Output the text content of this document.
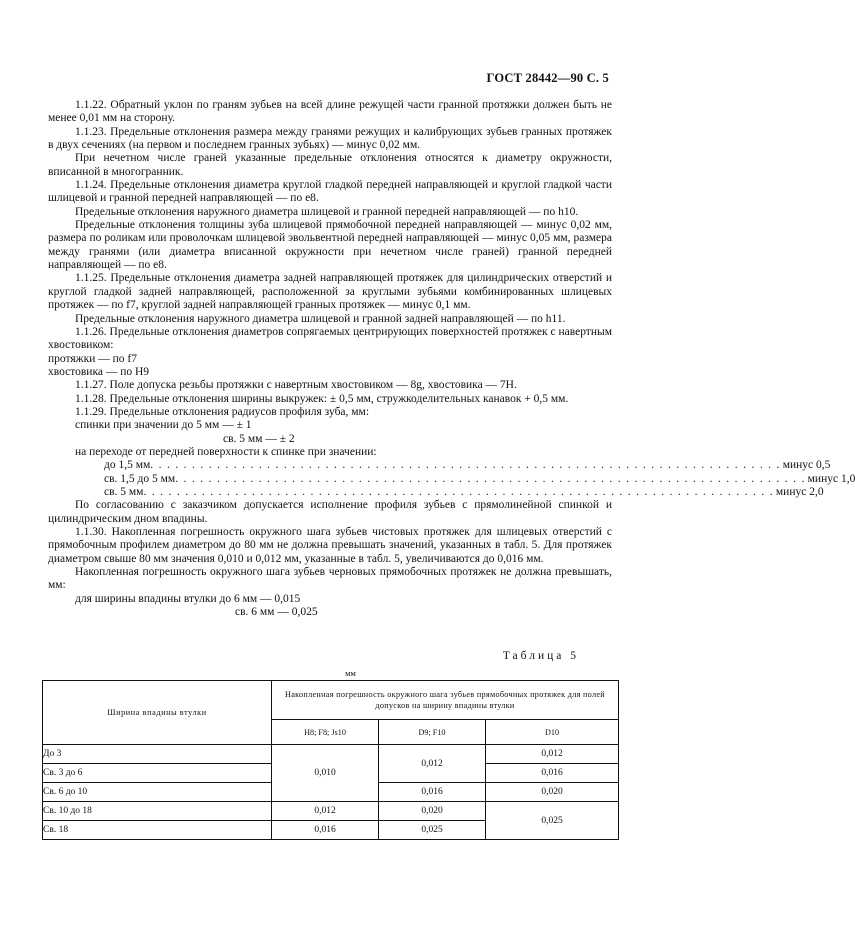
ГОСТ 28442—90 С. 5

1.1.22. Обратный уклон по граням зубьев на всей длине режущей части гранной протяжки должен быть не менее 0,01 мм на сторону.

1.1.23. Предельные отклонения размера между гранями режущих и калибрующих зубьев гранных протяжек в двух сечениях (на первом и последнем гранных зубьях) — минус 0,02 мм.

При нечетном числе граней указанные предельные отклонения относятся к диаметру окружности, вписанной в многогранник.

1.1.24. Предельные отклонения диаметра круглой гладкой передней направляющей и круглой гладкой части шлицевой и гранной передней направляющей — по е8.

Предельные отклонения наружного диаметра шлицевой и гранной передней направляющей — по h10.

Предельные отклонения толщины зуба шлицевой прямобочной передней направляющей — минус 0,02 мм, размера по роликам или проволочкам шлицевой эвольвентной передней направляющей — минус 0,05 мм, размера между гранями (или диаметра вписанной окружности при нечетном числе граней) гранной передней направляющей — по е8.

1.1.25. Предельные отклонения диаметра задней направляющей протяжек для цилиндрических отверстий и круглой гладкой задней направляющей, расположенной за круглыми зубьями комбинированных шлицевых протяжек — по f7, круглой задней направляющей гранных протяжек — минус 0,1 мм.

Предельные отклонения наружного диаметра шлицевой и гранной задней направляющей — по h11.

1.1.26. Предельные отклонения диаметров сопрягаемых центрирующих поверхностей протяжек с навертным хвостовиком:

протяжки — по f7

хвостовика — по Н9

1.1.27. Поле допуска резьбы протяжки с навертным хвостовиком — 8g, хвостовика — 7Н.

1.1.28. Предельные отклонения ширины выкружек: ± 0,5 мм, стружкоделительных канавок + 0,5 мм.

1.1.29. Предельные отклонения радиусов профиля зуба, мм:

спинки при значении до 5 мм — ± 1

св. 5 мм — ± 2

на переходе от передней поверхности к спинке при значении:

до 1,5 мм . . . . . . . . . . . . . . . . . . . . . . . . . . . . . . . . . . . . . . . . . . . . . . . . . . . . . . . . . . . . . . . . . . . . . . . . . . . . минус 0,5
св. 1,5 до 5 мм . . . . . . . . . . . . . . . . . . . . . . . . . . . . . . . . . . . . . . . . . . . . . . . . . . . . . . . . . . . . . . . . . . . . . . . . . . . . минус 1,0
св. 5 мм . . . . . . . . . . . . . . . . . . . . . . . . . . . . . . . . . . . . . . . . . . . . . . . . . . . . . . . . . . . . . . . . . . . . . . . . . . . . минус 2,0

По согласованию с заказчиком допускается исполнение профиля зубьев с прямолинейной спинкой и цилиндрическим дном впадины.

1.1.30. Накопленная погрешность окружного шага зубьев чистовых протяжек для шлицевых отверстий с прямобочным профилем диаметром до 80 мм не должна превышать значений, указанных в табл. 5. Для протяжек диаметром свыше 80 мм значения 0,010 и 0,012 мм, указанные в табл. 5, увеличиваются до 0,016 мм.

Накопленная погрешность окружного шага зубьев черновых прямобочных протяжек не должна превышать, мм:

для ширины впадины втулки до 6 мм — 0,015

св. 6 мм — 0,025

Таблица 5
мм
Ширина впадины втулки	Накопленная погрешность окружного шага зубьев прямобочных протяжек для полей допусков на ширину впадины втулки		
	H8; F8; Js10	D9; F10	D10
До 3	0,010	0,012	0,012
Св. 3 до 6			0,016
Св. 6 до 10		0,016	0,020
Св. 10 до 18	0,012	0,020	0,025
Св. 18	0,016	0,025	
